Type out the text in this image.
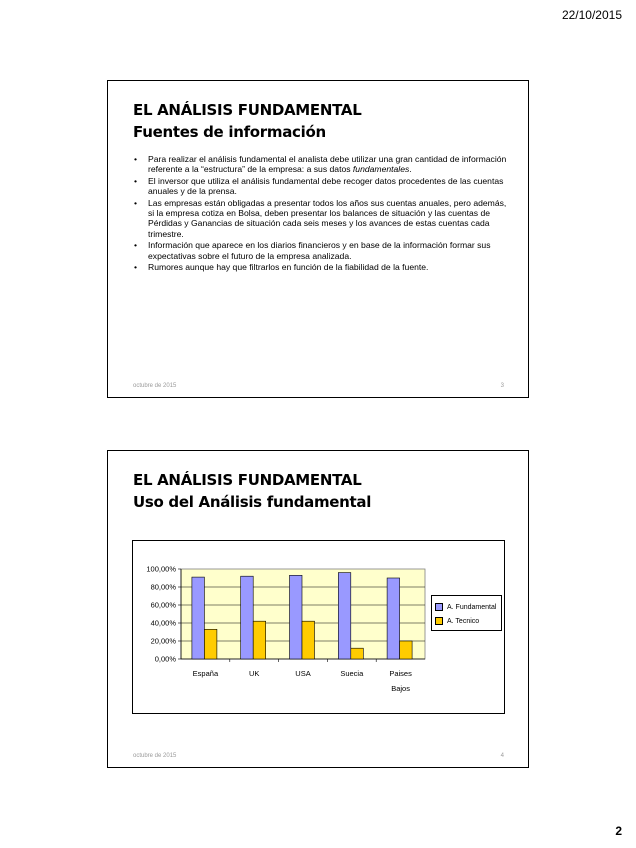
22/10/2015
EL ANÁLISIS FUNDAMENTAL
Fuentes de información
• Para realizar el análisis fundamental el analista debe utilizar una gran cantidad de información referente a la “estructura” de la empresa: a sus datos fundamentales.
• El inversor que utiliza el análisis fundamental debe recoger datos procedentes de las cuentas anuales y de la prensa.
• Las empresas están obligadas a presentar todos los años sus cuentas anuales, pero además, si la empresa cotiza en Bolsa, deben presentar los balances de situación y las cuentas de Pérdidas y Ganancias de situación cada seis meses y los avances de estas cuentas cada trimestre.
• Información que aparece en los diarios financieros y en base de la información formar sus expectativas sobre el futuro de la empresa analizada.
• Rumores aunque hay que filtrarlos en función de la fiabilidad de la fuente.
octubre de 2015	3
EL ANÁLISIS FUNDAMENTAL
Uso del Análisis fundamental
100,00%
80,00%
60,00%
40,00%
20,00%
0,00%
España	UK	USA	Suecia	Paises
Bajos
A. Fundamental
A. Tecnico
octubre de 2015	4
2
